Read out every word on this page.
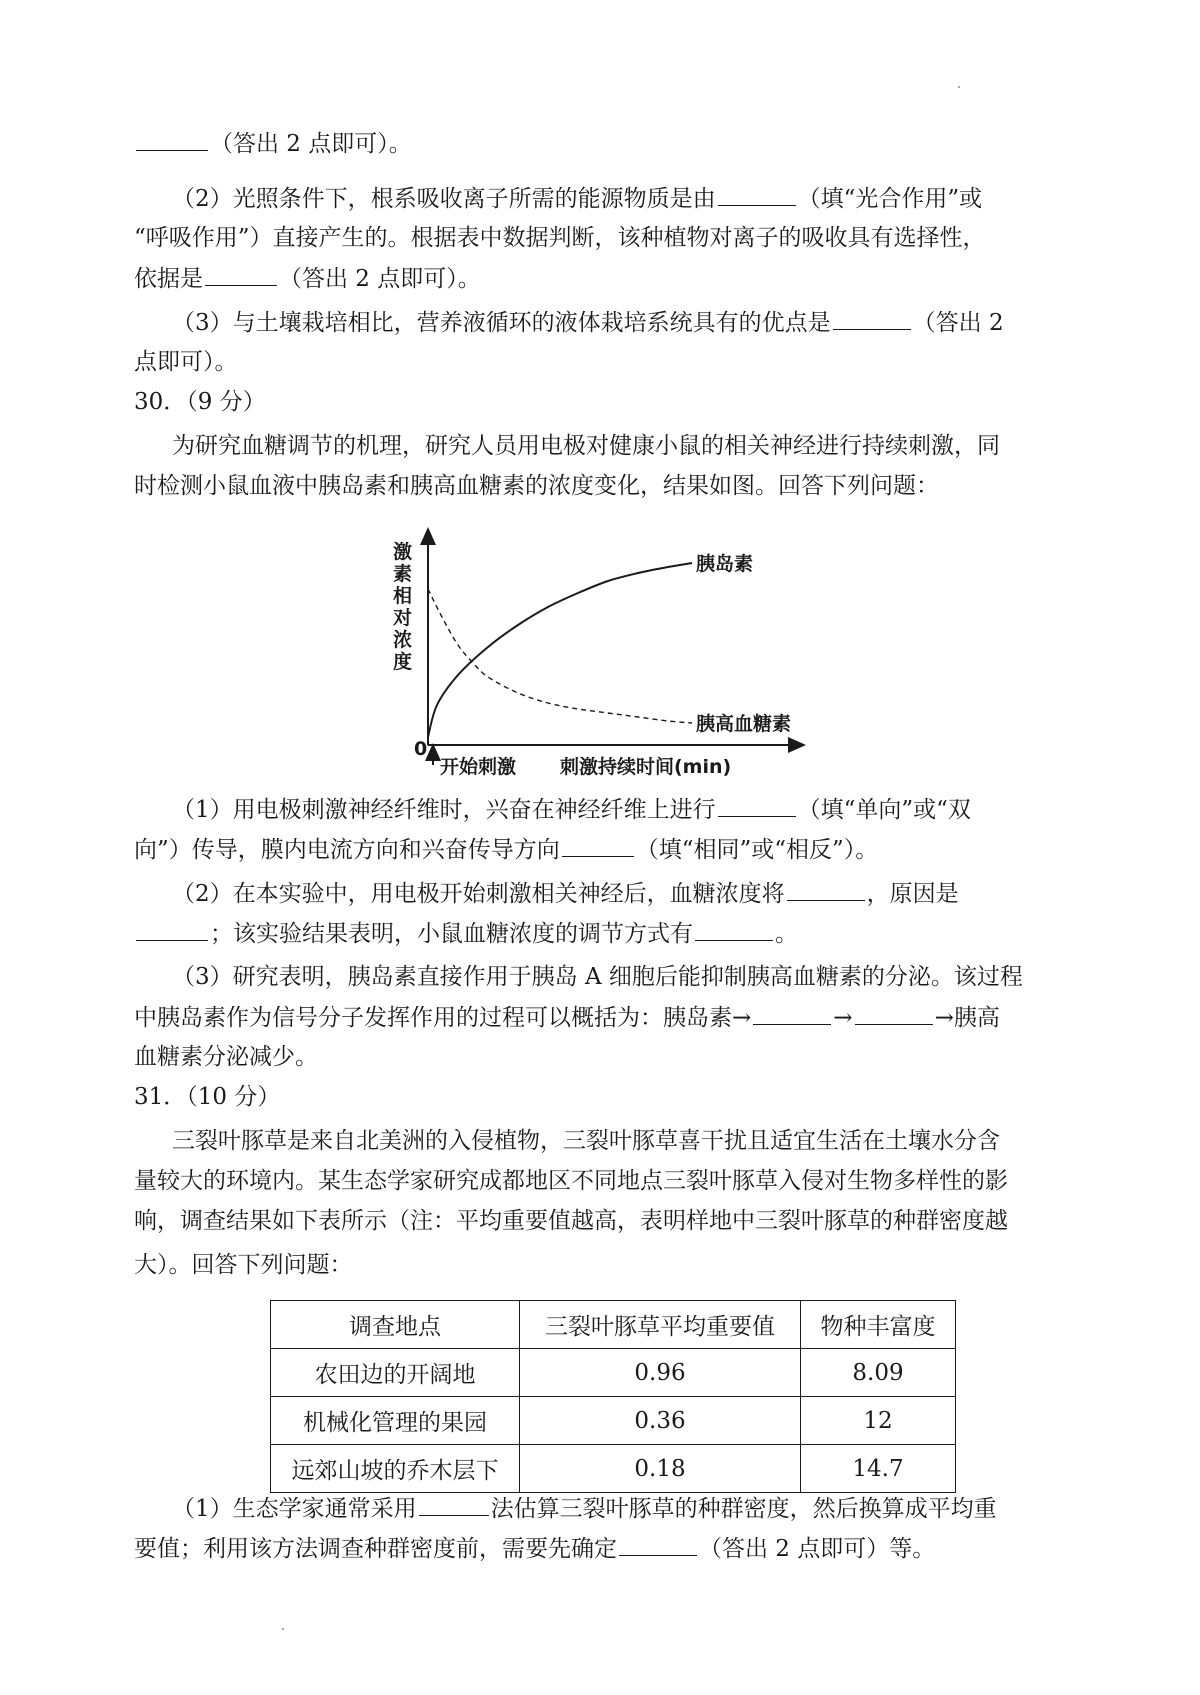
（答出 2 点即可）。
（2）光照条件下，根系吸收离子所需的能源物质是由	（填“光合作用”或
“呼吸作用”）直接产生的。根据表中数据判断，该种植物对离子的吸收具有选择性，
依据是	（答出 2 点即可）。
（3）与土壤栽培相比，营养液循环的液体栽培系统具有的优点是	（答出 2
点即可）。
30．（9 分）
为研究血糖调节的机理，研究人员用电极对健康小鼠的相关神经进行持续刺激，同
时检测小鼠血液中胰岛素和胰高血糖素的浓度变化，结果如图。回答下列问题：
激
素
相
对
浓
度
0
开始刺激 刺激持续时间(min)
胰岛素
胰高血糖素
（1）用电极刺激神经纤维时，兴奋在神经纤维上进行	（填“单向”或“双
向”）传导，膜内电流方向和兴奋传导方向	（填“相同”或“相反”）。
（2）在本实验中，用电极开始刺激相关神经后，血糖浓度将	，原因是
；该实验结果表明，小鼠血糖浓度的调节方式有	。
（3）研究表明，胰岛素直接作用于胰岛 A 细胞后能抑制胰高血糖素的分泌。该过程
中胰岛素作为信号分子发挥作用的过程可以概括为：胰岛素→	→	→胰高
血糖素分泌减少。
31．（10 分）
三裂叶豚草是来自北美洲的入侵植物，三裂叶豚草喜干扰且适宜生活在土壤水分含
量较大的环境内。某生态学家研究成都地区不同地点三裂叶豚草入侵对生物多样性的影
响，调查结果如下表所示（注：平均重要值越高，表明样地中三裂叶豚草的种群密度越
大）。回答下列问题：
调查地点	三裂叶豚草平均重要值	物种丰富度
农田边的开阔地	0.96	8.09
机械化管理的果园	0.36	12
远郊山坡的乔木层下	0.18	14.7
（1）生态学家通常采用	法估算三裂叶豚草的种群密度，然后换算成平均重
要值；利用该方法调查种群密度前，需要先确定	（答出 2 点即可）等。
